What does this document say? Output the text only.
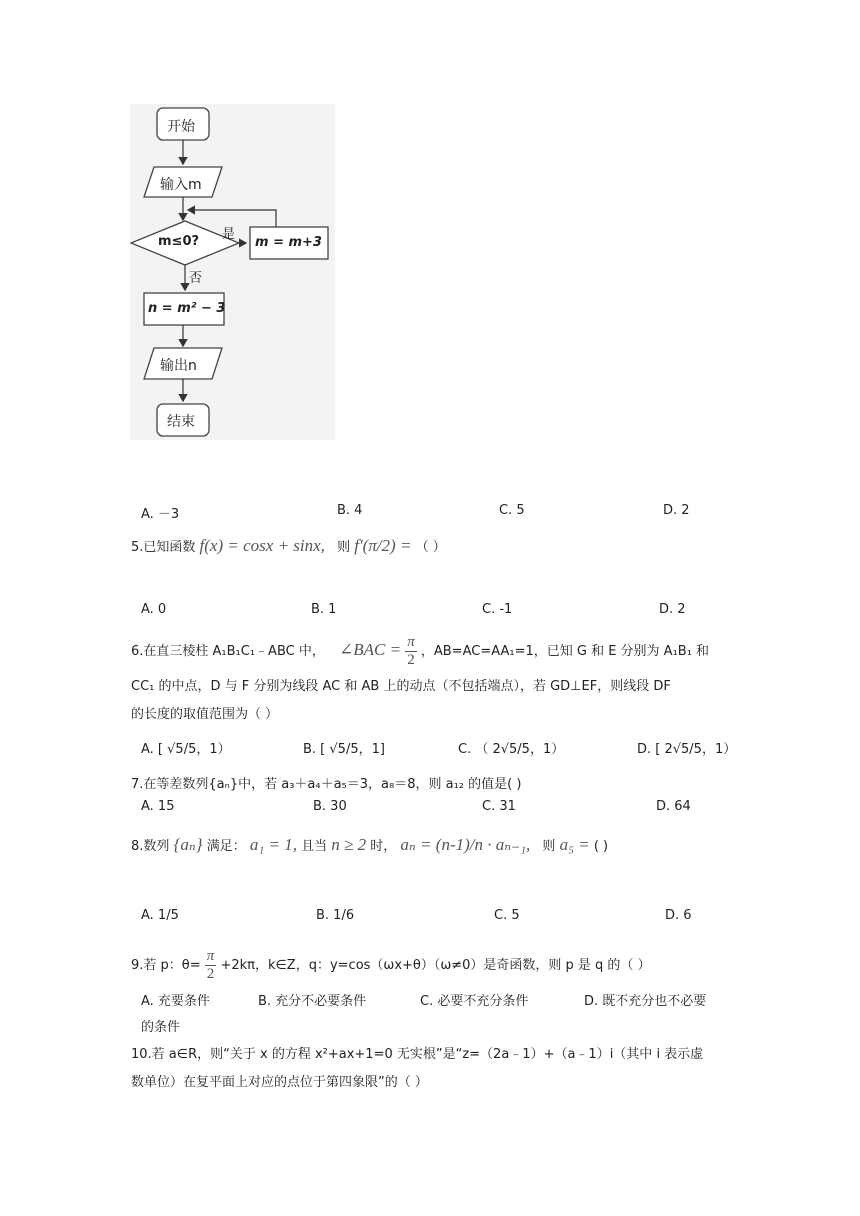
开始
输入m
m≤0? 是
m = m+3
否
n = m² − 3
输出n
结束
A. －3	B. 4	C. 5	D. 2
5.已知函数 f(x) = cosx + sinx, 则 f′(π/2) = （ ）
A. 0	B. 1	C. -1	D. 2
6.在直三棱柱 A₁B₁C₁﹣ABC 中， ∠BAC = $\frac{\pi}{2}$ ，AB=AC=AA₁=1，已知 G 和 E 分别为 A₁B₁ 和
CC₁ 的中点，D 与 F 分别为线段 AC 和 AB 上的动点（不包括端点），若 GD⊥EF，则线段 DF
的长度的取值范围为（ ）
A. [ √5/5，1）	B. [ √5/5，1]	C. （ 2√5/5，1）	D. [ 2√5/5，1）
7.在等差数列{aₙ}中，若 a₃＋a₄＋a₅＝3，a₈＝8，则 a₁₂ 的值是( )
A. 15	B. 30	C. 31	D. 64
8.数列 {aₙ} 满足： a₁ = 1, 且当 n ≥ 2 时， aₙ = (n-1)/n · aₙ₋₁, 则 a₅ = ( )
A. 1/5	B. 1/6	C. 5	D. 6
9.若 p：$\theta= \frac{\pi}{2} +2k\pi$，k∈Z，q：y=cos（ωx+θ）（ω≠0）是奇函数，则 p 是 q 的（ ）
A. 充要条件	B. 充分不必要条件	C. 必要不充分条件	D. 既不充分也不必要
的条件
10.若 a∈R，则“关于 x 的方程 x²+ax+1=0 无实根”是“z=（2a﹣1）+（a﹣1）i（其中 i 表示虚
数单位）在复平面上对应的点位于第四象限”的（ ）
